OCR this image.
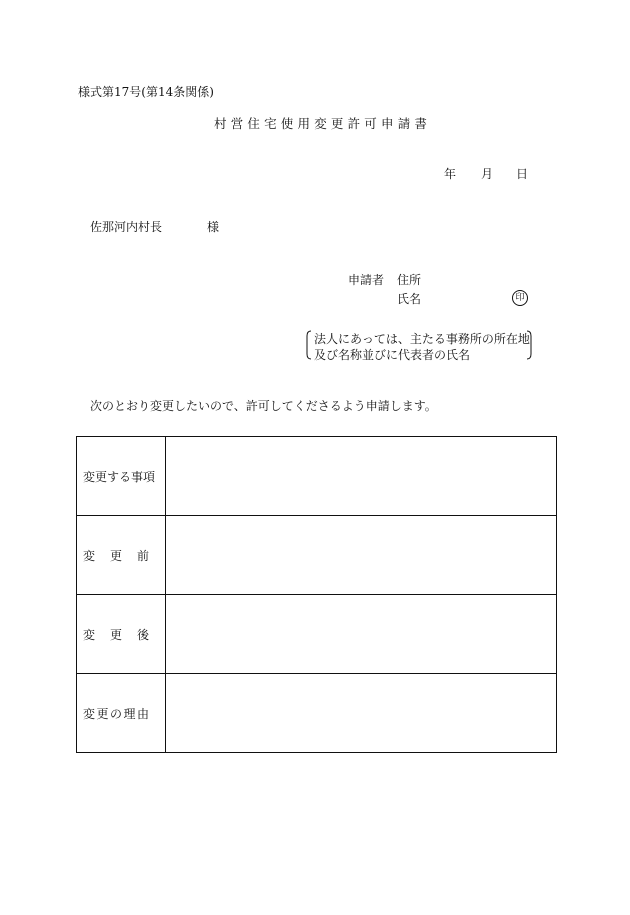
様式第17号(第14条関係)
村営住宅使用変更許可申請書
年 月 日
佐那河内村長	様
申請者 住所
氏名	印
法人にあっては、主たる事務所の所在地
及び名称並びに代表者の氏名
次のとおり変更したいので、許可してくださるよう申請します。
変更する事項	

変 更 前	

変 更 後	

変 更 の 理 由	
